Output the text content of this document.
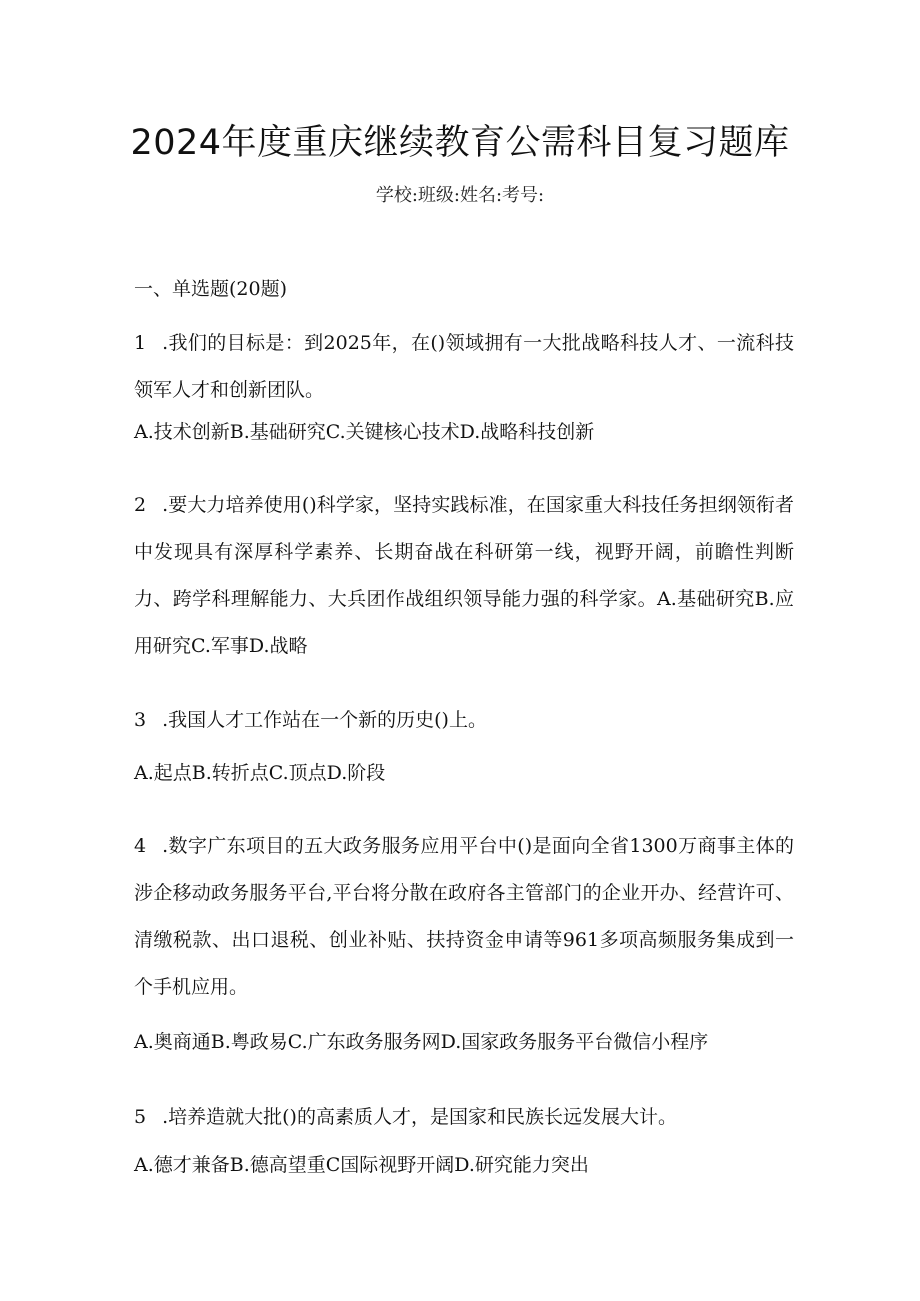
2024年度重庆继续教育公需科目复习题库
学校:班级:姓名:考号:
一、单选题(20题)
1 .我们的目标是：到2025年，在()领域拥有一大批战略科技人才、一流科技领军人才和创新团队。
A.技术创新B.基础研究C.关键核心技术D.战略科技创新
2 .要大力培养使用()科学家，坚持实践标准，在国家重大科技任务担纲领衔者中发现具有深厚科学素养、长期奋战在科研第一线，视野开阔，前瞻性判断力、跨学科理解能力、大兵团作战组织领导能力强的科学家。A.基础研究B.应用研究C.军事D.战略
3 .我国人才工作站在一个新的历史()上。
A.起点B.转折点C.顶点D.阶段
4 .数字广东项目的五大政务服务应用平台中()是面向全省1300万商事主体的涉企移动政务服务平台,平台将分散在政府各主管部门的企业开办、经营许可、清缴税款、出口退税、创业补贴、扶持资金申请等961多项高频服务集成到一个手机应用。
A.奥商通B.粤政易C.广东政务服务网D.国家政务服务平台微信小程序
5 .培养造就大批()的高素质人才，是国家和民族长远发展大计。
A.德才兼备B.德高望重C国际视野开阔D.研究能力突出
